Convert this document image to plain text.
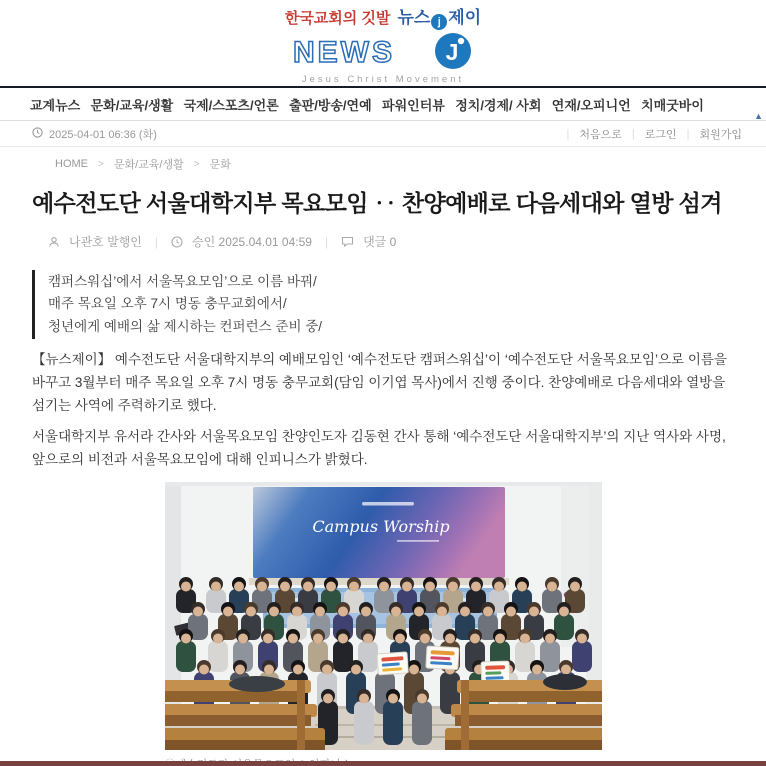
한국교회의 깃발 뉴스 j 제이
NEWS J
Jesus Christ Movement
교계뉴스 문화/교육/생활 국제/스포츠/언론 출판/방송/연예 파워인터뷰 정치/경제/ 사회 연재/오피니언 치매굿바이
▲
2025-04-01 06:36 (화)	| 처음으로 | 로그인 | 회원가입
HOME > 문화/교육/생활 > 문화
예수전도단 서울대학지부 목요모임 ‥ 찬양예배로 다음세대와 열방 섬겨
나관호 발행인	|	승인 2025.04.01 04:59	|	댓글 0
캠퍼스워십’에서 서울목요모임’으로 이름 바꿔/
매주 목요일 오후 7시 명동 충무교회에서/
청년에게 예배의 삶 제시하는 컨퍼런스 준비 중/

【뉴스제이】 예수전도단 서울대학지부의 예배모임인 ‘예수전도단 캠퍼스워십’이 ‘예수전도단 서울목요모임’으로 이름을 바꾸고 3월부터 매주 목요일 오후 7시 명동 충무교회(담임 이기엽 목사)에서 진행 중이다. 찬양예배로 다음세대와 열방을 섬기는 사역에 주력하기로 했다.

서울대학지부 유서라 간사와 서울목요모임 찬양인도자 김동현 간사 통해 ‘예수전도단 서울대학지부’의 지난 역사와 사명, 앞으로의 비전과 서울목요모임에 대해 인피니스가 밝혔다.

Campus Worship
